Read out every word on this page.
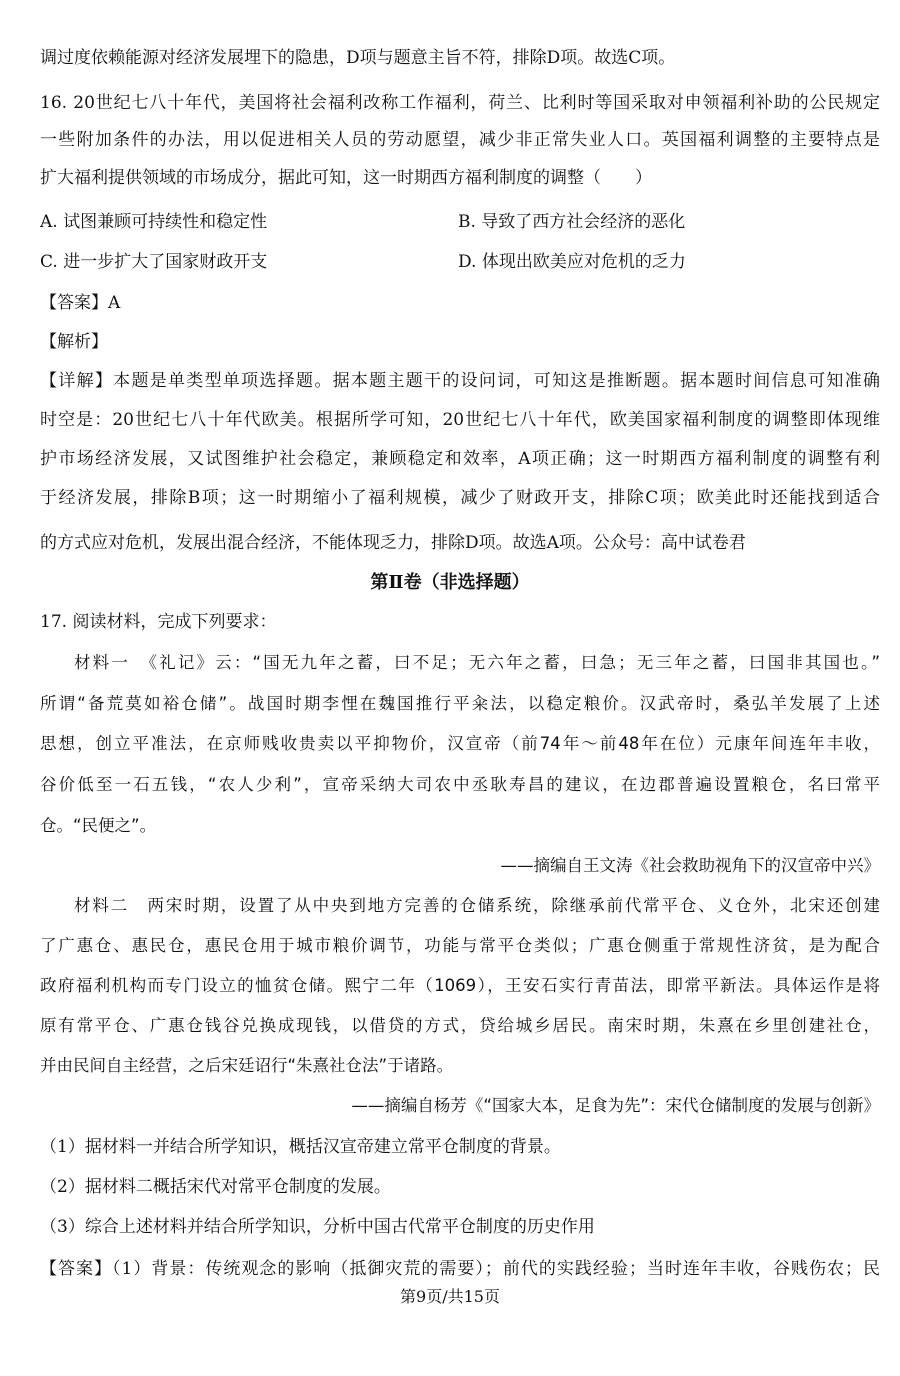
调过度依赖能源对经济发展埋下的隐患，D项与题意主旨不符，排除D项。故选C项。
16. 20世纪七八十年代，美国将社会福利改称工作福利，荷兰、比利时等国采取对申领福利补助的公民规定
一些附加条件的办法，用以促进相关人员的劳动愿望，减少非正常失业人口。英国福利调整的主要特点是
扩大福利提供领域的市场成分，据此可知，这一时期西方福利制度的调整（　　）
A. 试图兼顾可持续性和稳定性	B. 导致了西方社会经济的恶化
C. 进一步扩大了国家财政开支	D. 体现出欧美应对危机的乏力
【答案】A
【解析】
【详解】本题是单类型单项选择题。据本题主题干的设问词，可知这是推断题。据本题时间信息可知准确
时空是：20世纪七八十年代欧美。根据所学可知，20世纪七八十年代，欧美国家福利制度的调整即体现维
护市场经济发展，又试图维护社会稳定，兼顾稳定和效率，A项正确；这一时期西方福利制度的调整有利
于经济发展，排除B项；这一时期缩小了福利规模，减少了财政开支，排除C项；欧美此时还能找到适合
的方式应对危机，发展出混合经济，不能体现乏力，排除D项。故选A项。公众号：高中试卷君
第Ⅱ卷（非选择题）
17. 阅读材料，完成下列要求：
材料一　《礼记》云：“国无九年之蓄，曰不足；无六年之蓄，曰急；无三年之蓄，曰国非其国也。”
所谓“备荒莫如裕仓储”。战国时期李悝在魏国推行平籴法，以稳定粮价。汉武帝时，桑弘羊发展了上述
思想，创立平准法，在京师贱收贵卖以平抑物价，汉宣帝（前74年～前48年在位）元康年间连年丰收，
谷价低至一石五钱，“农人少利”，宣帝采纳大司农中丞耿寿昌的建议，在边郡普遍设置粮仓，名曰常平
仓。“民便之”。
——摘编自王文涛《社会救助视角下的汉宣帝中兴》
材料二　两宋时期，设置了从中央到地方完善的仓储系统，除继承前代常平仓、义仓外，北宋还创建
了广惠仓、惠民仓，惠民仓用于城市粮价调节，功能与常平仓类似；广惠仓侧重于常规性济贫，是为配合
政府福利机构而专门设立的恤贫仓储。熙宁二年（1069），王安石实行青苗法，即常平新法。具体运作是将
原有常平仓、广惠仓钱谷兑换成现钱，以借贷的方式，贷给城乡居民。南宋时期，朱熹在乡里创建社仓，
并由民间自主经营，之后宋廷诏行“朱熹社仓法”于诸路。
——摘编自杨芳《“国家大本，足食为先”：宋代仓储制度的发展与创新》
（1）据材料一并结合所学知识，概括汉宣帝建立常平仓制度的背景。
（2）据材料二概括宋代对常平仓制度的发展。
（3）综合上述材料并结合所学知识，分析中国古代常平仓制度的历史作用
【答案】（1）背景：传统观念的影响（抵御灾荒的需要）；前代的实践经验；当时连年丰收，谷贱伤农；民
第9页/共15页
